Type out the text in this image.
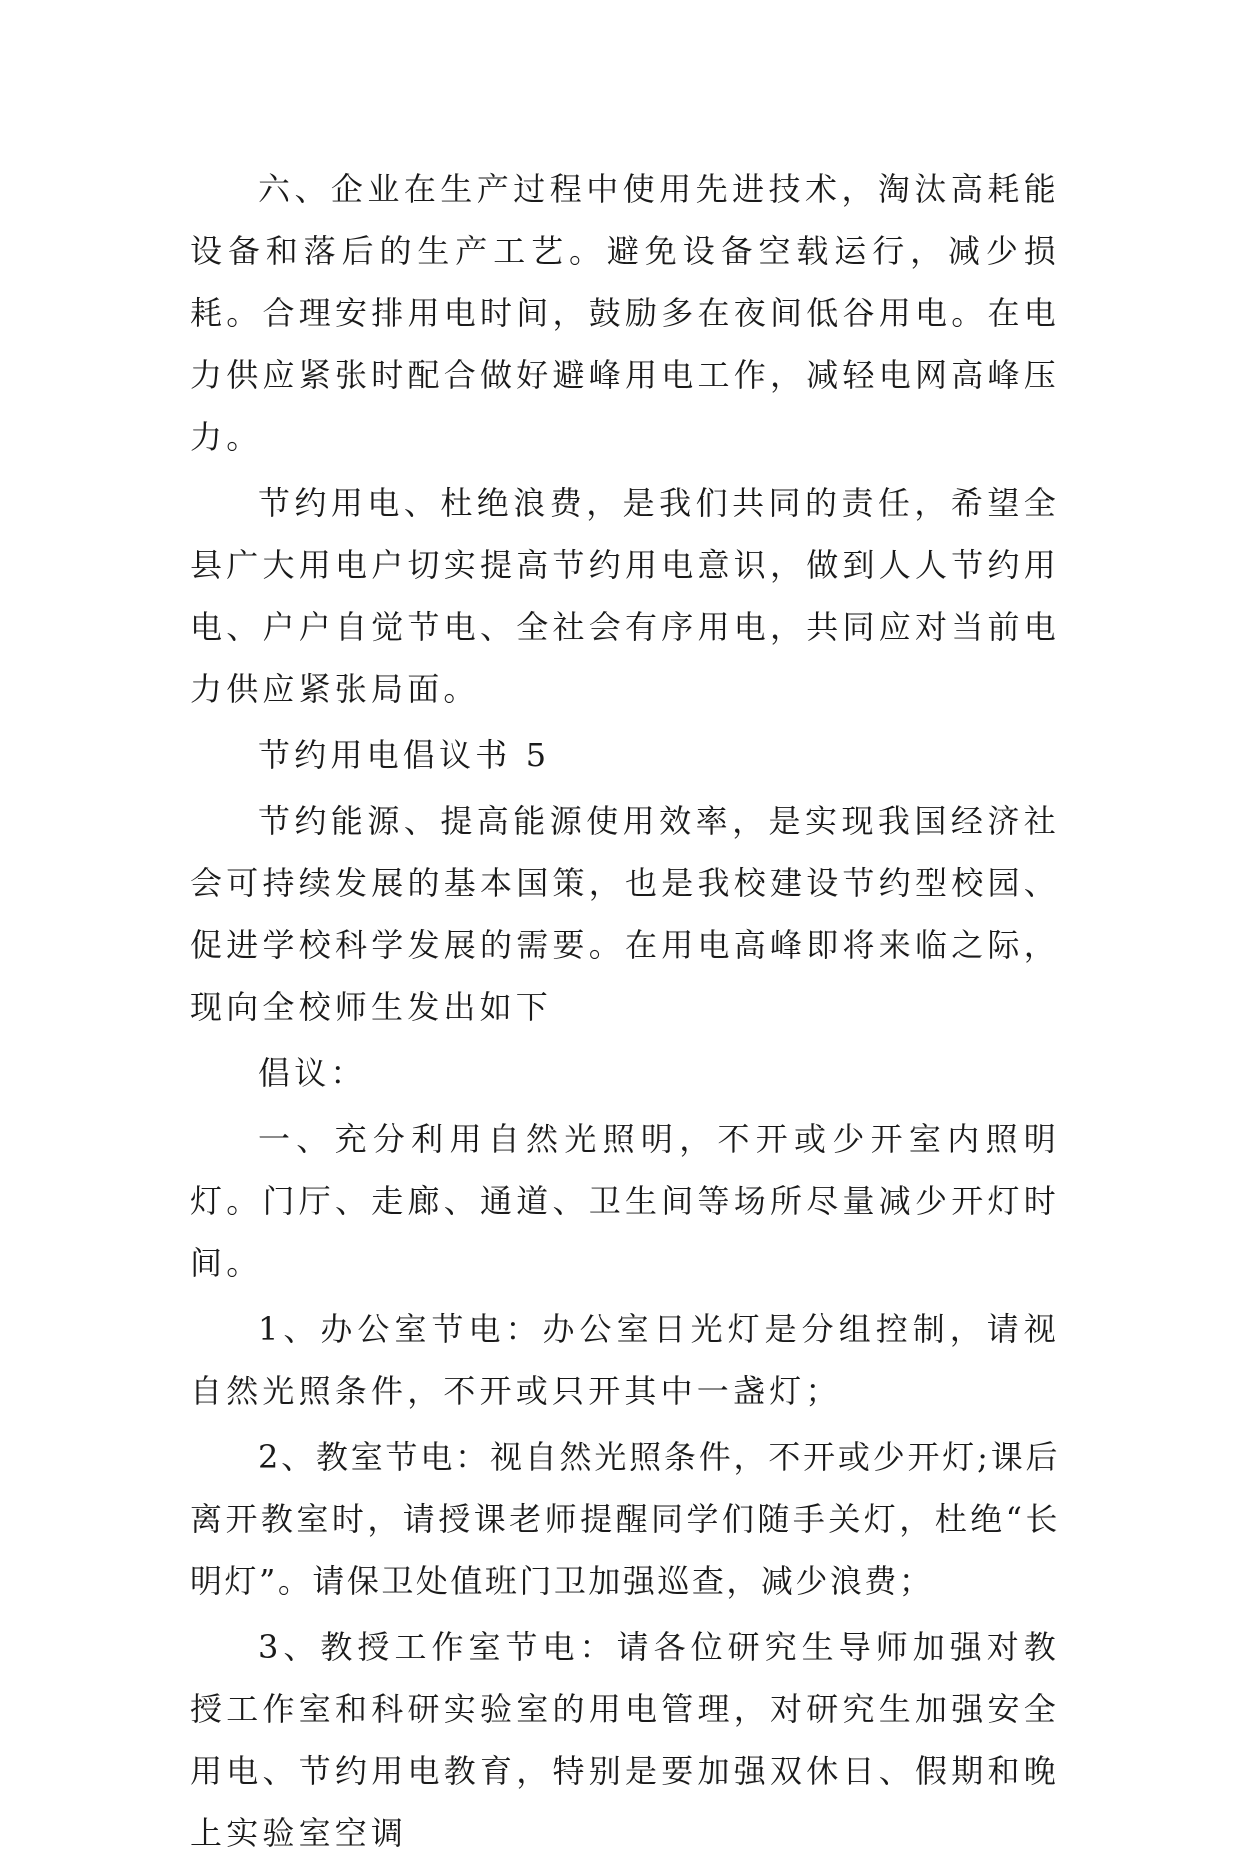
六、企业在生产过程中使用先进技术，淘汰高耗能设备和落后的生产工艺。避免设备空载运行，减少损耗。合理安排用电时间，鼓励多在夜间低谷用电。在电力供应紧张时配合做好避峰用电工作，减轻电网高峰压力。

节约用电、杜绝浪费，是我们共同的责任，希望全县广大用电户切实提高节约用电意识，做到人人节约用电、户户自觉节电、全社会有序用电，共同应对当前电力供应紧张局面。

节约用电倡议书 5

节约能源、提高能源使用效率，是实现我国经济社会可持续发展的基本国策，也是我校建设节约型校园、促进学校科学发展的需要。在用电高峰即将来临之际，现向全校师生发出如下

倡议：

一、充分利用自然光照明，不开或少开室内照明灯。门厅、走廊、通道、卫生间等场所尽量减少开灯时间。

1、办公室节电：办公室日光灯是分组控制，请视自然光照条件，不开或只开其中一盏灯；

2、教室节电：视自然光照条件，不开或少开灯;课后离开教室时，请授课老师提醒同学们随手关灯，杜绝“长明灯”。请保卫处值班门卫加强巡查，减少浪费；

3、教授工作室节电：请各位研究生导师加强对教授工作室和科研实验室的用电管理，对研究生加强安全用电、节约用电教育，特别是要加强双休日、假期和晚上实验室空调
